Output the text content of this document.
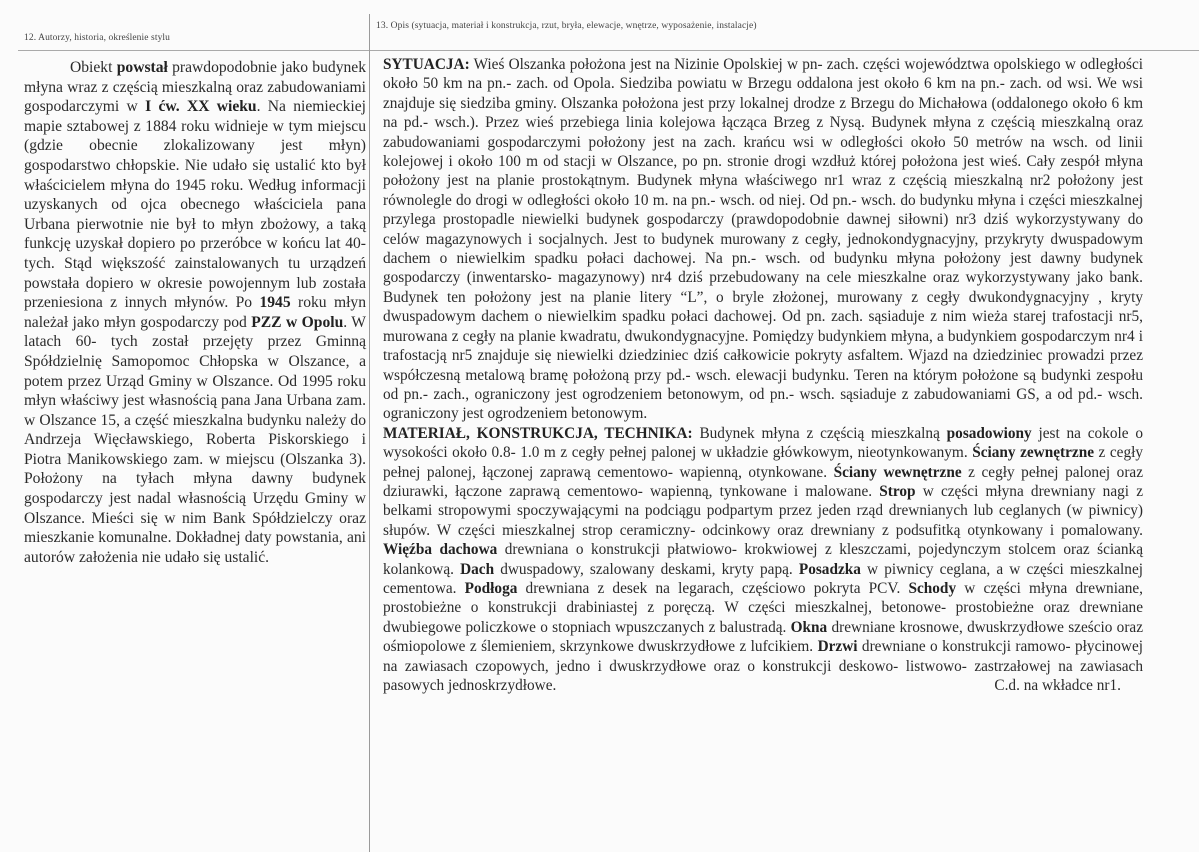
12. Autorzy, historia, określenie stylu
13. Opis (sytuacja, materiał i konstrukcja, rzut, bryła, elewacje, wnętrze, wyposażenie, instalacje)

Obiekt powstał prawdopodobnie jako budynek młyna wraz z częścią mieszkalną oraz zabudowaniami gospodarczymi w I ćw. XX wieku. Na niemieckiej mapie sztabowej z 1884 roku widnieje w tym miejscu (gdzie obecnie zlokalizowany jest młyn) gospodarstwo chłopskie. Nie udało się ustalić kto był właścicielem młyna do 1945 roku. Według informacji uzyskanych od ojca obecnego właściciela pana Urbana pierwotnie nie był to młyn zbożowy, a taką funkcję uzyskał dopiero po przeróbce w końcu lat 40- tych. Stąd większość zainstalowanych tu urządzeń powstała dopiero w okresie powojennym lub została przeniesiona z innych młynów. Po 1945 roku młyn należał jako młyn gospodarczy pod PZZ w Opolu. W latach 60- tych został przejęty przez Gminną Spółdzielnię Samopomoc Chłopska w Olszance, a potem przez Urząd Gminy w Olszance. Od 1995 roku młyn właściwy jest własnością pana Jana Urbana zam. w Olszance 15, a część mieszkalna budynku należy do Andrzeja Więcławskiego, Roberta Piskorskiego i Piotra Manikowskiego zam. w miejscu (Olszanka 3). Położony na tyłach młyna dawny budynek gospodarczy jest nadal własnością Urzędu Gminy w Olszance. Mieści się w nim Bank Spółdzielczy oraz mieszkanie komunalne. Dokładnej daty powstania, ani autorów założenia nie udało się ustalić.

SYTUACJA: Wieś Olszanka położona jest na Nizinie Opolskiej w pn- zach. części województwa opolskiego w odległości około 50 km na pn.- zach. od Opola. Siedziba powiatu w Brzegu oddalona jest około 6 km na pn.- zach. od wsi. We wsi znajduje się siedziba gminy. Olszanka położona jest przy lokalnej drodze z Brzegu do Michałowa (oddalonego około 6 km na pd.- wsch.). Przez wieś przebiega linia kolejowa łącząca Brzeg z Nysą. Budynek młyna z częścią mieszkalną oraz zabudowaniami gospodarczymi położony jest na zach. krańcu wsi w odległości około 50 metrów na wsch. od linii kolejowej i około 100 m od stacji w Olszance, po pn. stronie drogi wzdłuż której położona jest wieś. Cały zespół młyna położony jest na planie prostokątnym. Budynek młyna właściwego nr1 wraz z częścią mieszkalną nr2 położony jest równolegle do drogi w odległości około 10 m. na pn.- wsch. od niej. Od pn.- wsch. do budynku młyna i części mieszkalnej przylega prostopadle niewielki budynek gospodarczy (prawdopodobnie dawnej siłowni) nr3 dziś wykorzystywany do celów magazynowych i socjalnych. Jest to budynek murowany z cegły, jednokondygnacyjny, przykryty dwuspadowym dachem o niewielkim spadku połaci dachowej. Na pn.- wsch. od budynku młyna położony jest dawny budynek gospodarczy (inwentarsko- magazynowy) nr4 dziś przebudowany na cele mieszkalne oraz wykorzystywany jako bank. Budynek ten położony jest na planie litery “L”, o bryle złożonej, murowany z cegły dwukondygnacyjny , kryty dwuspadowym dachem o niewielkim spadku połaci dachowej. Od pn. zach. sąsiaduje z nim wieża starej trafostacji nr5, murowana z cegły na planie kwadratu, dwukondygnacyjne. Pomiędzy budynkiem młyna, a budynkiem gospodarczym nr4 i trafostacją nr5 znajduje się niewielki dziedziniec dziś całkowicie pokryty asfaltem. Wjazd na dziedziniec prowadzi przez współczesną metalową bramę położoną przy pd.- wsch. elewacji budynku. Teren na którym położone są budynki zespołu od pn.- zach., ograniczony jest ogrodzeniem betonowym, od pn.- wsch. sąsiaduje z zabudowaniami GS, a od pd.- wsch. ograniczony jest ogrodzeniem betonowym.

MATERIAŁ, KONSTRUKCJA, TECHNIKA: Budynek młyna z częścią mieszkalną posadowiony jest na cokole o wysokości około 0.8- 1.0 m z cegły pełnej palonej w układzie główkowym, nieotynkowanym. Ściany zewnętrzne z cegły pełnej palonej, łączonej zaprawą cementowo- wapienną, otynkowane. Ściany wewnętrzne z cegły pełnej palonej oraz dziurawki, łączone zaprawą cementowo- wapienną, tynkowane i malowane. Strop w części młyna drewniany nagi z belkami stropowymi spoczywającymi na podciągu podpartym przez jeden rząd drewnianych lub ceglanych (w piwnicy) słupów. W części mieszkalnej strop ceramiczny- odcinkowy oraz drewniany z podsufitką otynkowany i pomalowany. Więźba dachowa drewniana o konstrukcji płatwiowo- krokwiowej z kleszczami, pojedynczym stolcem oraz ścianką kolankową. Dach dwuspadowy, szalowany deskami, kryty papą. Posadzka w piwnicy ceglana, a w części mieszkalnej cementowa. Podłoga drewniana z desek na legarach, częściowo pokryta PCV. Schody w części młyna drewniane, prostobieżne o konstrukcji drabiniastej z poręczą. W części mieszkalnej, betonowe- prostobieżne oraz drewniane dwubiegowe policzkowe o stopniach wpuszczanych z balustradą. Okna drewniane krosnowe, dwuskrzydłowe sześcio oraz ośmiopolowe z ślemieniem, skrzynkowe dwuskrzydłowe z lufcikiem. Drzwi drewniane o konstrukcji ramowo- płycinowej na zawiasach czopowych, jedno i dwuskrzydłowe oraz o konstrukcji deskowo- listwowo- zastrzałowej na zawiasach pasowych jednoskrzydłowe.	C.d. na wkładce nr1.
